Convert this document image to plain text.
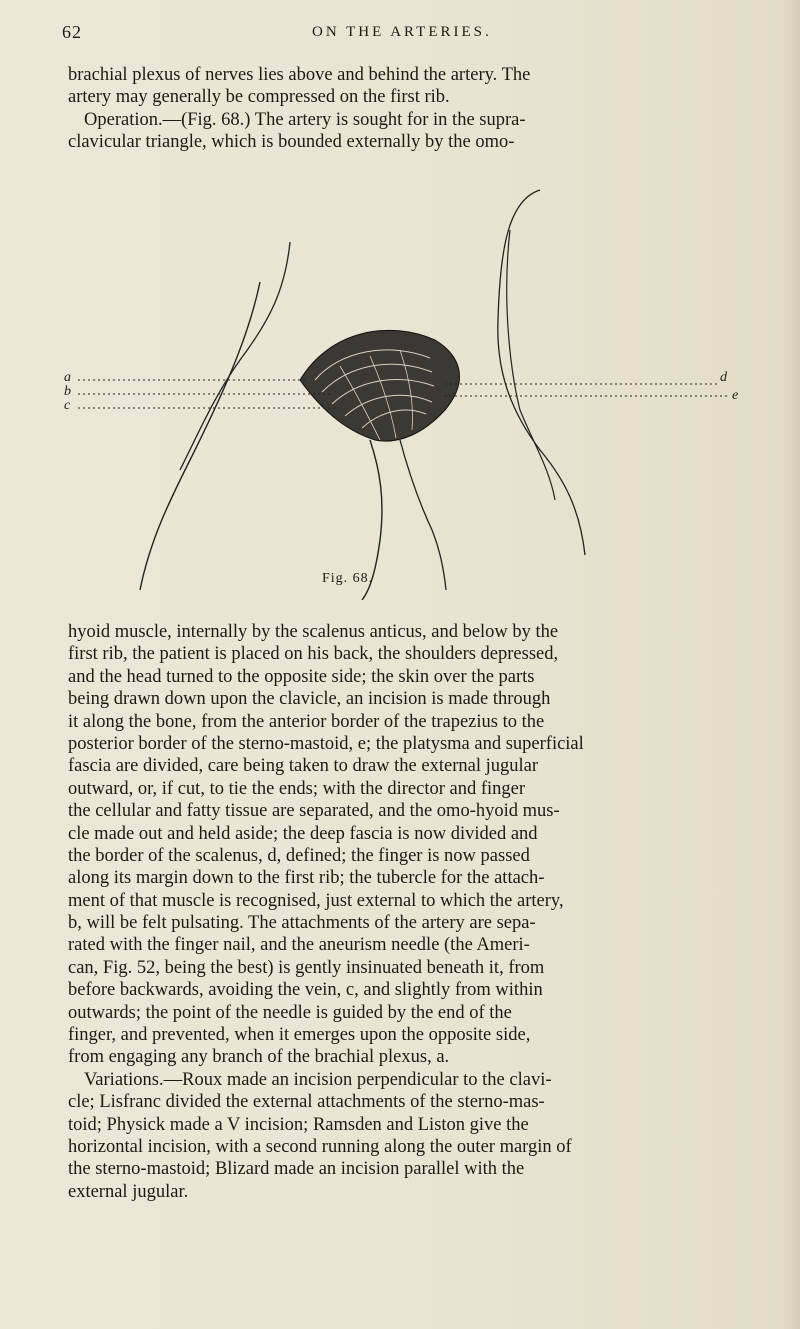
62	ON THE ARTERIES.
brachial plexus of nerves lies above and behind the artery. The
artery may generally be compressed on the first rib.
Operation.—(Fig. 68.) The artery is sought for in the supra-
clavicular triangle, which is bounded externally by the omo-
a
b
c
d
e
Fig. 68.
hyoid muscle, internally by the scalenus anticus, and below by the
first rib, the patient is placed on his back, the shoulders depressed,
and the head turned to the opposite side; the skin over the parts
being drawn down upon the clavicle, an incision is made through
it along the bone, from the anterior border of the trapezius to the
posterior border of the sterno-mastoid, e; the platysma and superficial
fascia are divided, care being taken to draw the external jugular
outward, or, if cut, to tie the ends; with the director and finger
the cellular and fatty tissue are separated, and the omo-hyoid mus-
cle made out and held aside; the deep fascia is now divided and
the border of the scalenus, d, defined; the finger is now passed
along its margin down to the first rib; the tubercle for the attach-
ment of that muscle is recognised, just external to which the artery,
b, will be felt pulsating. The attachments of the artery are sepa-
rated with the finger nail, and the aneurism needle (the Ameri-
can, Fig. 52, being the best) is gently insinuated beneath it, from
before backwards, avoiding the vein, c, and slightly from within
outwards; the point of the needle is guided by the end of the
finger, and prevented, when it emerges upon the opposite side,
from engaging any branch of the brachial plexus, a.
Variations.—Roux made an incision perpendicular to the clavi-
cle; Lisfranc divided the external attachments of the sterno-mas-
toid; Physick made a V incision; Ramsden and Liston give the
horizontal incision, with a second running along the outer margin of
the sterno-mastoid; Blizard made an incision parallel with the
external jugular.
